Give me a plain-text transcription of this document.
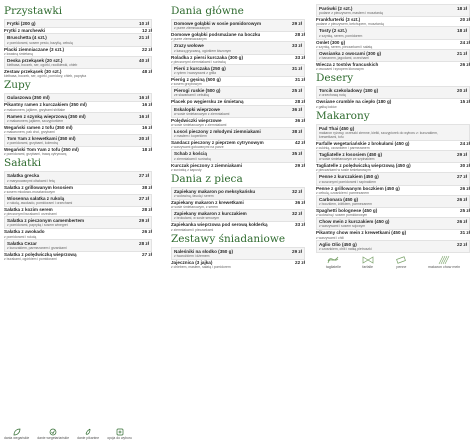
Przystawki
Frytki (200 g)	10 zł
Frytki z marchewki	12 zł
Bruschetta (4 szt.)	21 zł
z pomidorami, sosem pesto, bazylią, cebulą
Placki ziemniaczane (3 szt.)	22 zł
z kwaśną śmietaną
Deska przekąsek (20 szt.)	40 zł
kiełbasa, boczek, ser, ogórki, rzodkiewki, chleb
Zestaw przekąsek (30 szt.)	48 zł
kiełbasa, boczek, ser, ogórki, pomidory, chleb, papryka
Zupy
Gulaszowa (350 ml)	16 zł
Pikantny ramen z kurczakiem (350 ml)	16 zł
z makaronem, jajkiem, grzybami shiitake
Ramen z szynką wieprzową (350 ml)	16 zł
z makaronem, jajkiem, szczypiorkiem
Wegański ramen z tofu (350 ml)	16 zł
z makaronem, pak choi, grzybami
Tom Yam z krewetkami (350 ml)	20 zł
z pomidorami, grzybami, kolendrą
Wegański Tom Yam z tofu (350 ml)	18 zł
z pomidorami, grzybami, trawą cytrynową
Sałatki
Sałatka grecka	27 zł
z marynowanymi oliwkami i fetą
Sałatka z grillowanym łososiem	38 zł
z sosem miodowo-musztardowym
Wiosenna sałatka z rukolą	27 zł
z rukolą, awokado, pomidorami i orzechami
Sałatka z kozim serem	28 zł
z pieczonymi burakami i orzechami
Sałatka z pieczonym camembertem	29 zł
z pomidorami, papryką i sosem winegret
Sałatka z awokado	26 zł
z pomidorami i rukolą
Sałatka Cezar	28 zł
z kurczakiem, parmezanem i grzankami
Sałatka z polędwiczką wieprzową	27 zł
z burakami, ogórkiem i pomidorami
Dania główne
Domowe gołąbki w sosie pomidorowym	29 zł
z puree ziemniaczanym
Domowe gołąbki podsmażane na boczku	28 zł
z puree ziemniaczanym
Zrazy wołowe	33 zł
z kaszą gryczaną, ogórkiem kiszonym
Roladka z piersi kurczaka (300 g)	33 zł
z pieczonymi ziemniakami i surówką
Pierś z kurczaka (250 g)	31 zł
z ryżem i warzywami z grilla
Pieróg z gęsiną (500 g)	31 zł
z sosem grzybowym
Pierogi ruskie (500 g)	25 zł
ze skwarkami i cebulką
Placek po węgiersku ze śmietaną	28 zł
Eskalopki wieprzowe	36 zł
w sosie śmietanowym z ziemniakami
Polędwiczki wieprzowe	36 zł
w sosie śmietanowym z ziemniakami
Łosoś pieczony z młodymi ziemniakami	38 zł
z masłem i koperkiem
Sandacz pieczony z pieprzem cytrynowym	42 zł
z warzywami gotowanymi na parze
Schab z kością	35 zł
z ziemniakami i surówką
Kurczak pieczony z ziemniakami	29 zł
z surówką z kapusty
Dania z pieca
Zapiekany makaron po meksykańsku	32 zł
z wołowiną, fasolą i serem
Zapiekany makaron z krewetkami	36 zł
w sosie śmietanowym, z serem
Zapiekany makaron z kurczakiem	32 zł
z brokułami, w sosie serowym
Zapiekanka wieprzowa pod serową kołderką	33 zł
z ziemniakami i pieczarkami
Zestawy śniadaniowe
Naleśniki na słodko (350 g)	29 zł
z twarożkiem i dżemem
Jajecznica (3 jajka)	22 zł
z chlebem, masłem, sałatą i pomidorem
Parówki (2 szt.)	18 zł
podane z pieczywem, masłem i musztardą
Frankfurterki (3 szt.)	20 zł
podane z pieczywem, ketchupem, musztardą
Tosty (2 szt.)	18 zł
z szynką, serem, pomidorem
Omlet (300 g)	24 zł
z szynką, serem, pieczarkami i sałatą
Owsianka z owocami (300 g)	21 zł
z bananem, jagodami, orzechami
Wiecza z tostów francuskich	26 zł
z owocami i syropem klonowym
Desery
Torcik czekoladowy (180 g)	20 zł
z orzechową nutą
Owsiane crumble na ciepło (180 g)	15 zł
z gałką lodów
Makarony
Pad Thai (450 g)
makaron ryżowy, orzeszki ziemne, kiełki, szczypiorek do wyboru z: kurczakiem, krewetkami, tofu
Farfalle wegetariańskie z brokułami (450 g)	24 zł
z cukinią, czosnkiem i parmezanem
Tagliatelle z łososiem (450 g)	29 zł
w sosie śmietanowym ze szpinakiem
Tagliatelle z polędwiczką wieprzową (450 g)	30 zł
z pieczarkami w sosie śmietanowym
Penne z kurczakiem (450 g)	27 zł
z suszonymi pomidorami i szpinakiem
Penne z grillowanym boczkiem (450 g)	26 zł
z cebulą, czosnkiem i parmezanem
Carbonara (450 g)	26 zł
z boczkiem, żółtkiem, parmezanem
Spaghetti bolognese (450 g)	25 zł
z wołowiną i sosem pomidorowym
Chow mein z kurczakiem (450 g)	26 zł
z warzywami i sosem sojowym
Pikantny chow mein z krewetkami (450 g)	31 zł
z warzywami i chili
Aglio Olio (450 g)	22 zł
z czosnkiem, chili i natką pietruszki
tagliatelle	farfalle	penne	makaron chow mein
dania wegańskie danie wegetariańskie danie pikantne opcja do wyboru
